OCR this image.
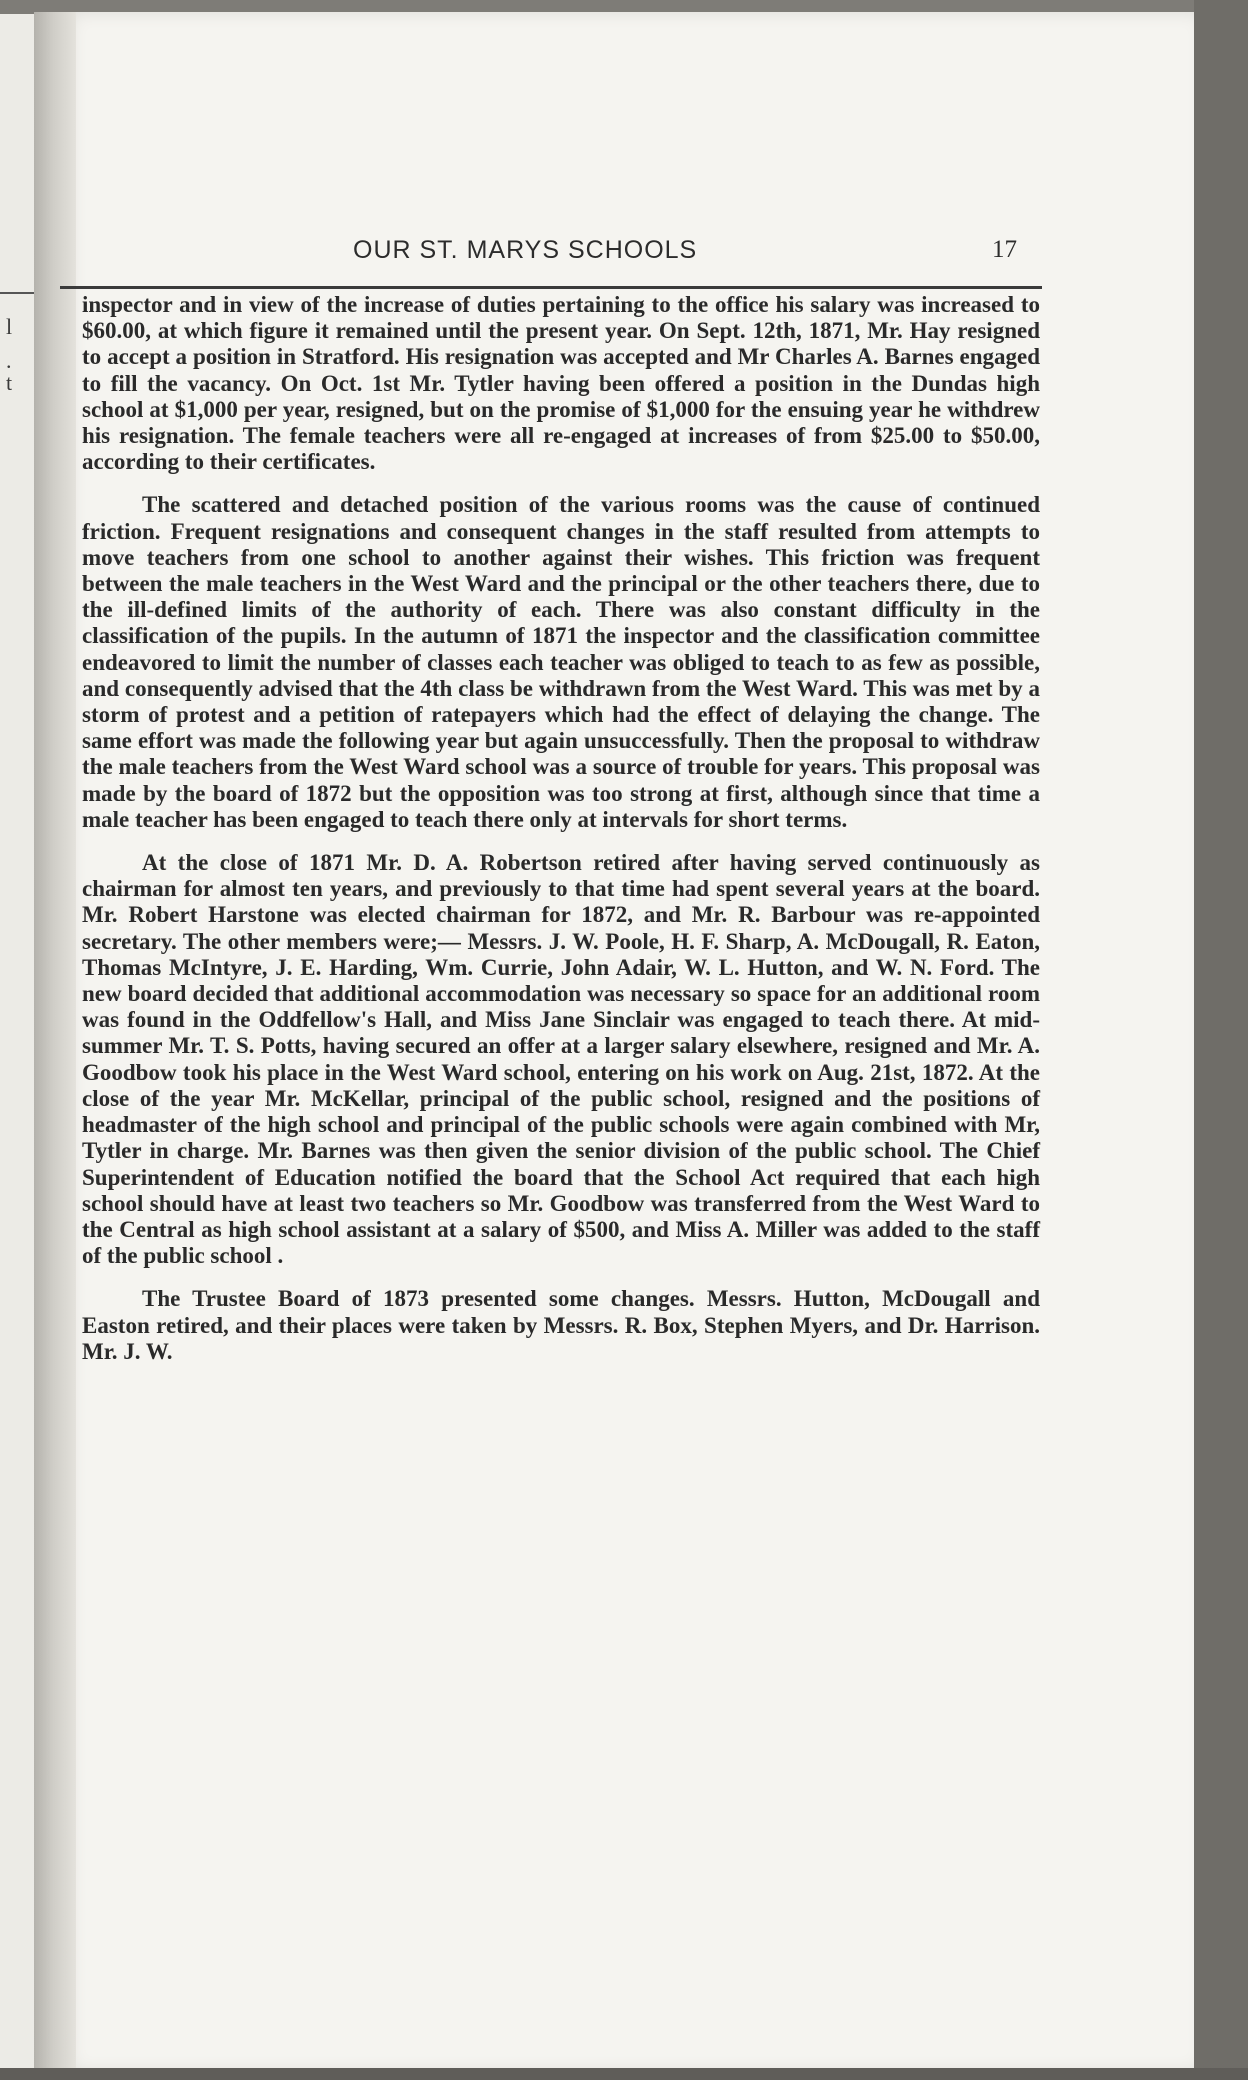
l
.
t
OUR ST. MARYS SCHOOLS	17

inspector and in view of the increase of duties pertaining to the office his salary was increased to $60.00, at which figure it remained until the present year. On Sept. 12th, 1871, Mr. Hay resigned to accept a position in Stratford. His resignation was accepted and Mr Charles A. Barnes engaged to fill the vacancy. On Oct. 1st Mr. Tytler having been offered a position in the Dundas high school at $1,000 per year, resigned, but on the promise of $1,000 for the ensuing year he withdrew his resignation. The female teachers were all re-engaged at increases of from $25.00 to $50.00, according to their certificates.

The scattered and detached position of the various rooms was the cause of continued friction. Frequent resignations and consequent changes in the staff resulted from attempts to move teachers from one school to another against their wishes. This friction was frequent between the male teachers in the West Ward and the principal or the other teachers there, due to the ill-defined limits of the authority of each. There was also constant difficulty in the classification of the pupils. In the autumn of 1871 the inspector and the classification committee endeavored to limit the number of classes each teacher was obliged to teach to as few as possible, and consequently advised that the 4th class be withdrawn from the West Ward. This was met by a storm of protest and a petition of ratepayers which had the effect of delaying the change. The same effort was made the following year but again unsuccessfully. Then the proposal to withdraw the male teachers from the West Ward school was a source of trouble for years. This proposal was made by the board of 1872 but the opposition was too strong at first, although since that time a male teacher has been engaged to teach there only at intervals for short terms.

At the close of 1871 Mr. D. A. Robertson retired after having served continuously as chairman for almost ten years, and previously to that time had spent several years at the board. Mr. Robert Harstone was elected chairman for 1872, and Mr. R. Barbour was re-appointed secretary. The other members were;— Messrs. J. W. Poole, H. F. Sharp, A. McDougall, R. Eaton, Thomas McIntyre, J. E. Harding, Wm. Currie, John Adair, W. L. Hutton, and W. N. Ford. The new board decided that additional accommodation was necessary so space for an additional room was found in the Oddfellow's Hall, and Miss Jane Sinclair was engaged to teach there. At mid-summer Mr. T. S. Potts, having secured an offer at a larger salary elsewhere, resigned and Mr. A. Goodbow took his place in the West Ward school, entering on his work on Aug. 21st, 1872. At the close of the year Mr. McKellar, principal of the public school, resigned and the positions of headmaster of the high school and principal of the public schools were again combined with Mr, Tytler in charge. Mr. Barnes was then given the senior division of the public school. The Chief Superintendent of Education notified the board that the School Act required that each high school should have at least two teachers so Mr. Goodbow was transferred from the West Ward to the Central as high school assistant at a salary of $500, and Miss A. Miller was added to the staff of the public school .

The Trustee Board of 1873 presented some changes. Messrs. Hutton, McDougall and Easton retired, and their places were taken by Messrs. R. Box, Stephen Myers, and Dr. Harrison. Mr. J. W.
